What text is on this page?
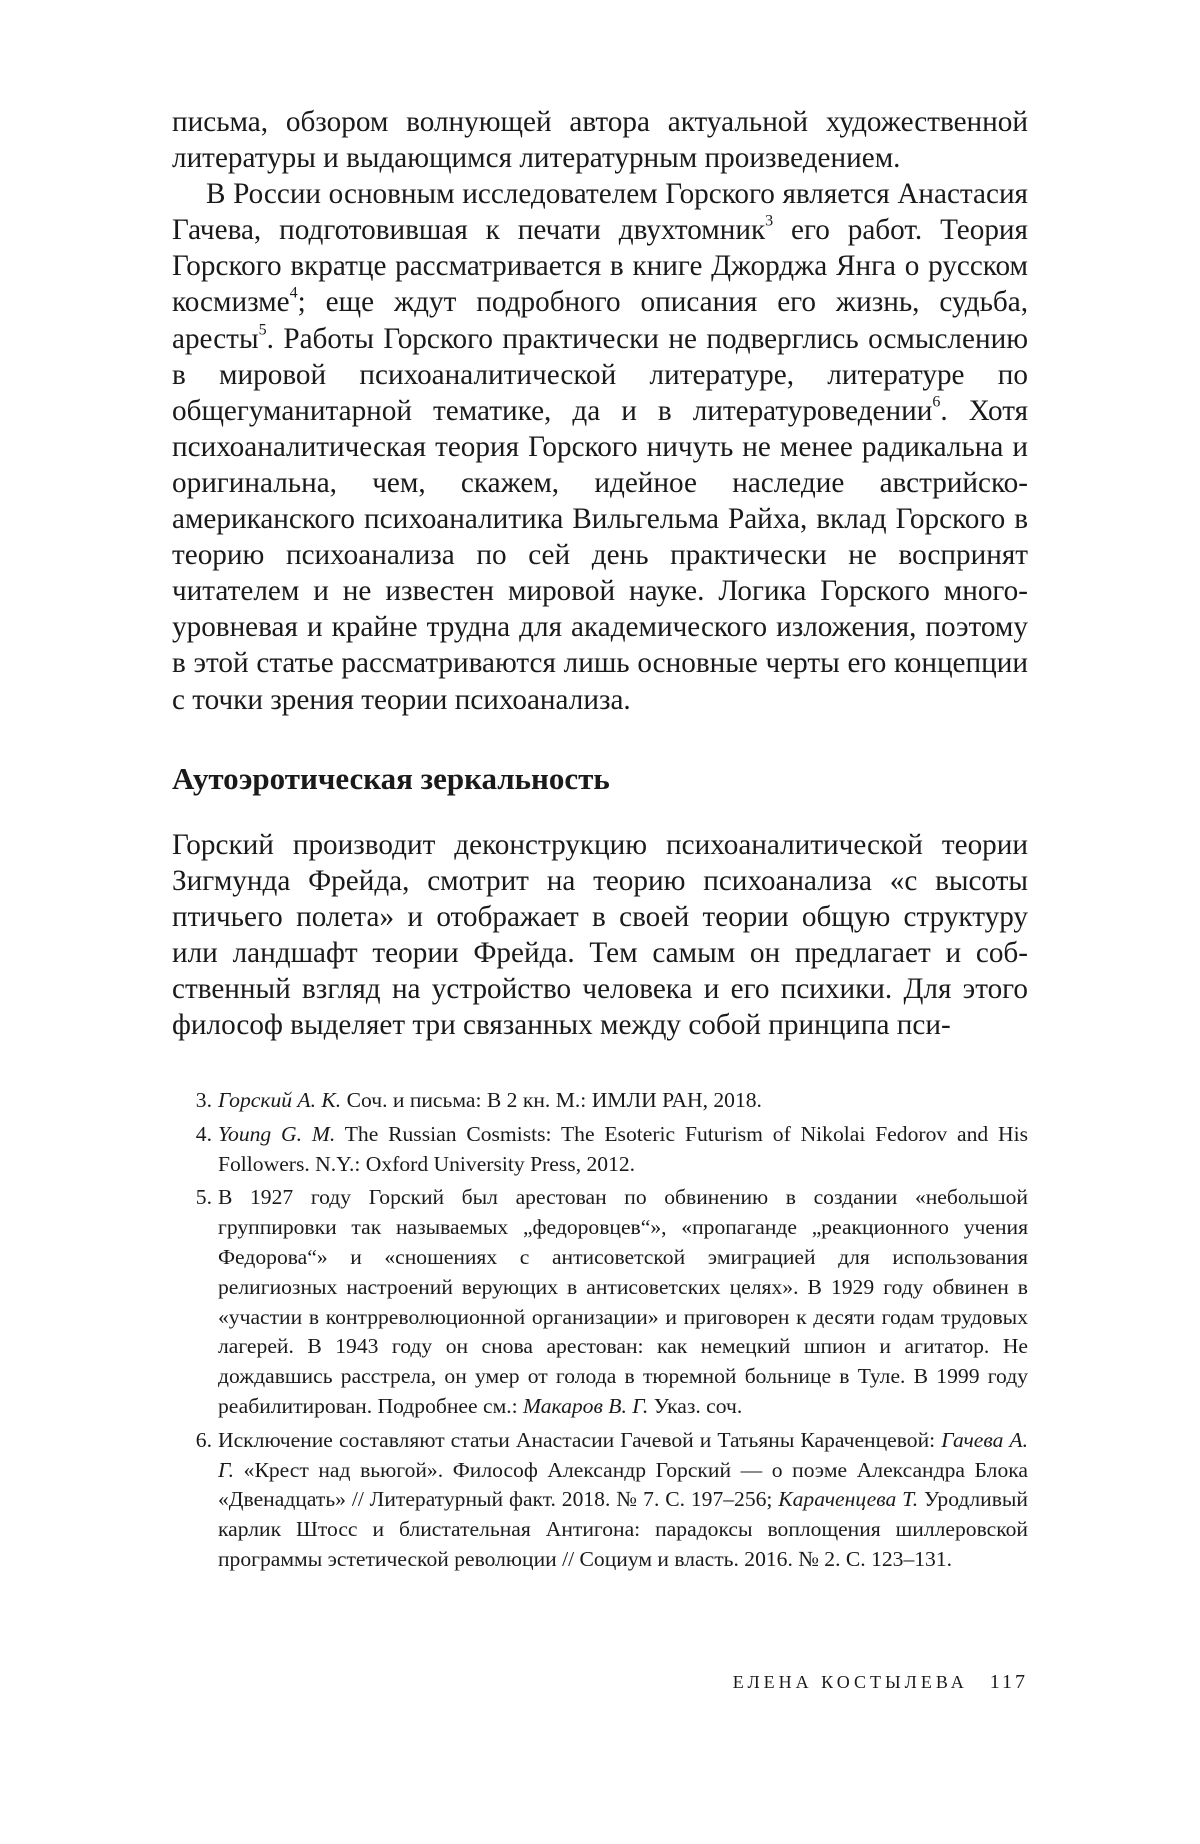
письма, обзором волнующей автора актуальной художественной литературы и выдающимся литературным произведением.

В России основным исследователем Горского является Анастасия Гачева, подготовившая к печати двухтомник$^3$ его работ. Теория Горского вкратце рассматривается в книге Джорджа Янга о русском космизме$^4$; еще ждут подробного описания его жизнь, судьба, аресты$^5$. Работы Горского практически не подверглись осмыслению в мировой психоаналитической литературе, литературе по общегуманитарной тематике, да и в литературоведении$^6$. Хотя психоаналитическая теория Горского ничуть не менее радикальна и оригинальна, чем, скажем, идейное наследие австрийско-американского психоаналитика Вильгельма Райха, вклад Горского в теорию психоанализа по сей день практически не воспринят читателем и не известен мировой науке. Логика Горского многоуровневая и крайне трудна для академического изложения, поэтому в этой статье рассматриваются лишь основные черты его концепции с точки зрения теории психоанализа.

Аутоэротическая зеркальность

Горский производит деконструкцию психоаналитической теории Зигмунда Фрейда, смотрит на теорию психоанализа «с высоты птичьего полета» и отображает в своей теории общую структуру или ландшафт теории Фрейда. Тем самым он предлагает и собственный взгляд на устройство человека и его психики. Для этого философ выделяет три связанных между собой принципа пси-

3. Горский А. К. Соч. и письма: В 2 кн. М.: ИМЛИ РАН, 2018.
4. Young G. M. The Russian Cosmists: The Esoteric Futurism of Nikolai Fedorov and His Followers. N.Y.: Oxford University Press, 2012.
5. В 1927 году Горский был арестован по обвинению в создании «небольшой группировки так называемых „федоровцев“», «пропаганде „реакционного учения Федорова“» и «сношениях с антисоветской эмиграцией для использования религиозных настроений верующих в антисоветских целях». В 1929 году обвинен в «участии в контрреволюционной организации» и приговорен к десяти годам трудовых лагерей. В 1943 году он снова арестован: как немецкий шпион и агитатор. Не дождавшись расстрела, он умер от голода в тюремной больнице в Туле. В 1999 году реабилитирован. Подробнее см.: Макаров В. Г. Указ. соч.
6. Исключение составляют статьи Анастасии Гачевой и Татьяны Караченцевой: Гачева А. Г. «Крест над вьюгой». Философ Александр Горский — о поэме Александра Блока «Двенадцать» // Литературный факт. 2018. № 7. С. 197–256; Караченцева Т. Уродливый карлик Штосс и блистательная Антигона: парадоксы воплощения шиллеровской программы эстетической революции // Социум и власть. 2016. № 2. С. 123–131.
ЕЛЕНА КОСТЫЛЕВА 117
